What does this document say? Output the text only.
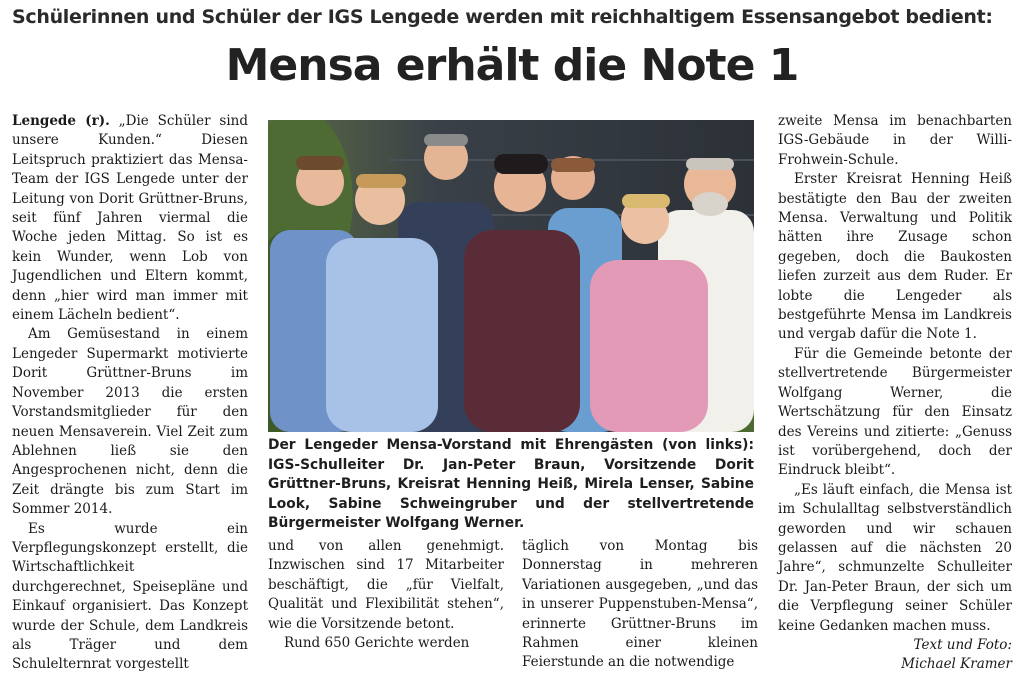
Schülerinnen und Schüler der IGS Lengede werden mit reichhaltigem Essensangebot bedient:
Mensa erhält die Note 1

Lengede (r). „Die Schüler sind unsere Kunden.“ Diesen Leitspruch praktiziert das Mensa-Team der IGS Lengede unter der Leitung von Dorit Grüttner-Bruns, seit fünf Jahren viermal die Woche jeden Mittag. So ist es kein Wunder, wenn Lob von Jugendlichen und Eltern kommt, denn „hier wird man immer mit einem Lächeln bedient“.

Am Gemüsestand in einem Lengeder Supermarkt motivierte Dorit Grüttner-Bruns im November 2013 die ersten Vorstandsmitglieder für den neuen Mensaverein. Viel Zeit zum Ablehnen ließ sie den Angesprochenen nicht, denn die Zeit drängte bis zum Start im Sommer 2014.

Es wurde ein Verpflegungskonzept erstellt, die Wirtschaftlichkeit durchgerechnet, Speisepläne und Einkauf organisiert. Das Konzept wurde der Schule, dem Landkreis als Träger und dem Schulelternrat vorgestellt

Der Lengeder Mensa-Vorstand mit Ehrengästen (von links): IGS-Schulleiter Dr. Jan-Peter Braun, Vorsitzende Dorit Grüttner-Bruns, Kreisrat Henning Heiß, Mirela Lenser, Sabine Look, Sabine Schweingruber und der stellvertretende Bürgermeister Wolfgang Werner.

und von allen genehmigt. Inzwischen sind 17 Mitarbeiter beschäftigt, die „für Vielfalt, Qualität und Flexibilität stehen“, wie die Vorsitzende betont.

Rund 650 Gerichte werden

täglich von Montag bis Donnerstag in mehreren Variationen ausgegeben, „und das in unserer Puppenstuben-Mensa“, erinnerte Grüttner-Bruns im Rahmen einer kleinen Feierstunde an die notwendige

zweite Mensa im benachbarten IGS-Gebäude in der Willi-Frohwein-Schule.

Erster Kreisrat Henning Heiß bestätigte den Bau der zweiten Mensa. Verwaltung und Politik hätten ihre Zusage schon gegeben, doch die Baukosten liefen zurzeit aus dem Ruder. Er lobte die Lengeder als bestgeführte Mensa im Landkreis und vergab dafür die Note 1.

Für die Gemeinde betonte der stellvertretende Bürgermeister Wolfgang Werner, die Wertschätzung für den Einsatz des Vereins und zitierte: „Genuss ist vorübergehend, doch der Eindruck bleibt“.

„Es läuft einfach, die Mensa ist im Schulalltag selbstverständlich geworden und wir schauen gelassen auf die nächsten 20 Jahre“, schmunzelte Schulleiter Dr. Jan-Peter Braun, der sich um die Verpflegung seiner Schüler keine Gedanken machen muss.

Text und Foto:

Michael Kramer
